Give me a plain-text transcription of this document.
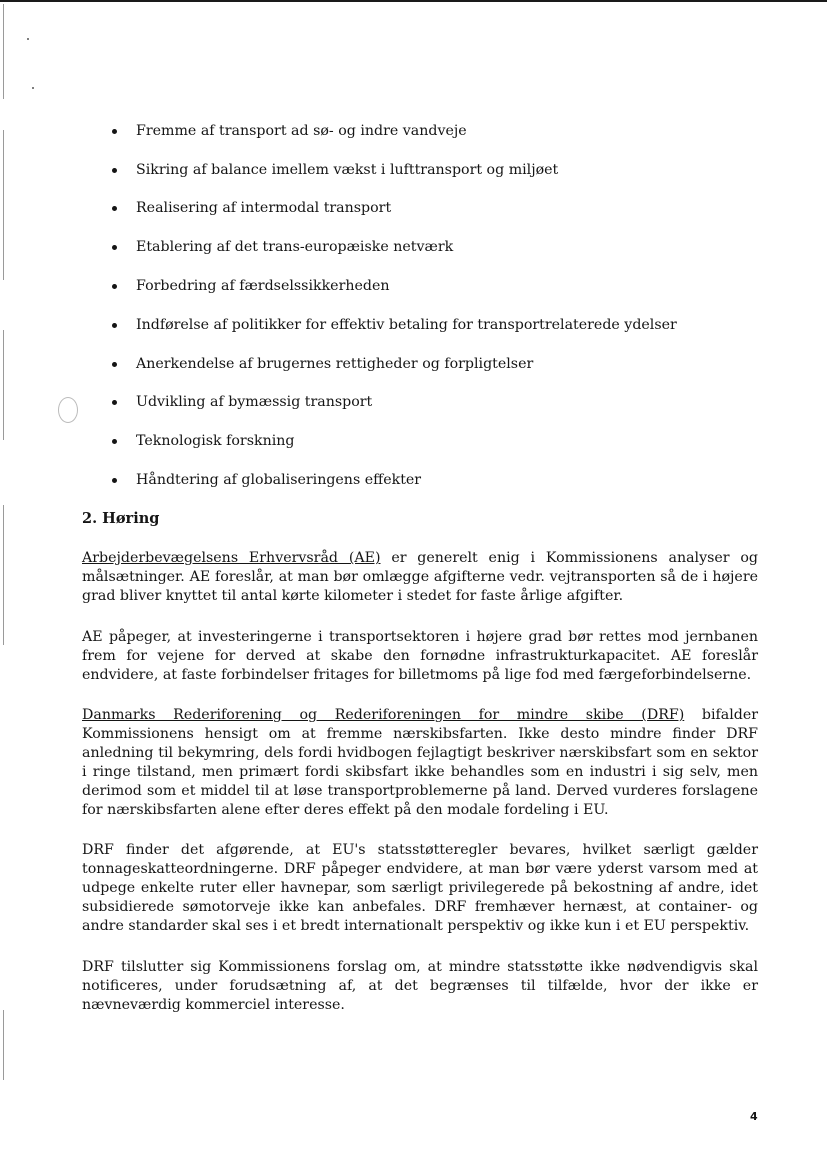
Fremme af transport ad sø- og indre vandveje
Sikring af balance imellem vækst i lufttransport og miljøet
Realisering af intermodal transport
Etablering af det trans-europæiske netværk
Forbedring af færdselssikkerheden
Indførelse af politikker for effektiv betaling for transportrelaterede ydelser
Anerkendelse af brugernes rettigheder og forpligtelser
Udvikling af bymæssig transport
Teknologisk forskning
Håndtering af globaliseringens effekter
2. Høring

Arbejderbevægelsens Erhvervsråd (AE) er generelt enig i Kommissionens analyser og målsætninger. AE foreslår, at man bør omlægge afgifterne vedr. vejtransporten så de i højere grad bliver knyttet til antal kørte kilometer i stedet for faste årlige afgifter.

AE påpeger, at investeringerne i transportsektoren i højere grad bør rettes mod jernbanen frem for vejene for derved at skabe den fornødne infrastrukturkapacitet. AE foreslår endvidere, at faste forbindelser fritages for billetmoms på lige fod med færgeforbindelserne.

Danmarks Rederiforening og Rederiforeningen for mindre skibe (DRF) bifalder Kommissionens hensigt om at fremme nærskibsfarten. Ikke desto mindre finder DRF anledning til bekymring, dels fordi hvidbogen fejlagtigt beskriver nærskibsfart som en sektor i ringe tilstand, men primært fordi skibsfart ikke behandles som en industri i sig selv, men derimod som et middel til at løse transportproblemerne på land. Derved vurderes forslagene for nærskibsfarten alene efter deres effekt på den modale fordeling i EU.

DRF finder det afgørende, at EU's statsstøtteregler bevares, hvilket særligt gælder tonnageskatteordningerne. DRF påpeger endvidere, at man bør være yderst varsom med at udpege enkelte ruter eller havnepar, som særligt privilegerede på bekostning af andre, idet subsidierede sømotorveje ikke kan anbefales. DRF fremhæver hernæst, at container- og andre standarder skal ses i et bredt internationalt perspektiv og ikke kun i et EU perspektiv.

DRF tilslutter sig Kommissionens forslag om, at mindre statsstøtte ikke nødvendigvis skal notificeres, under forudsætning af, at det begrænses til tilfælde, hvor der ikke er nævneværdig kommerciel interesse.

4
